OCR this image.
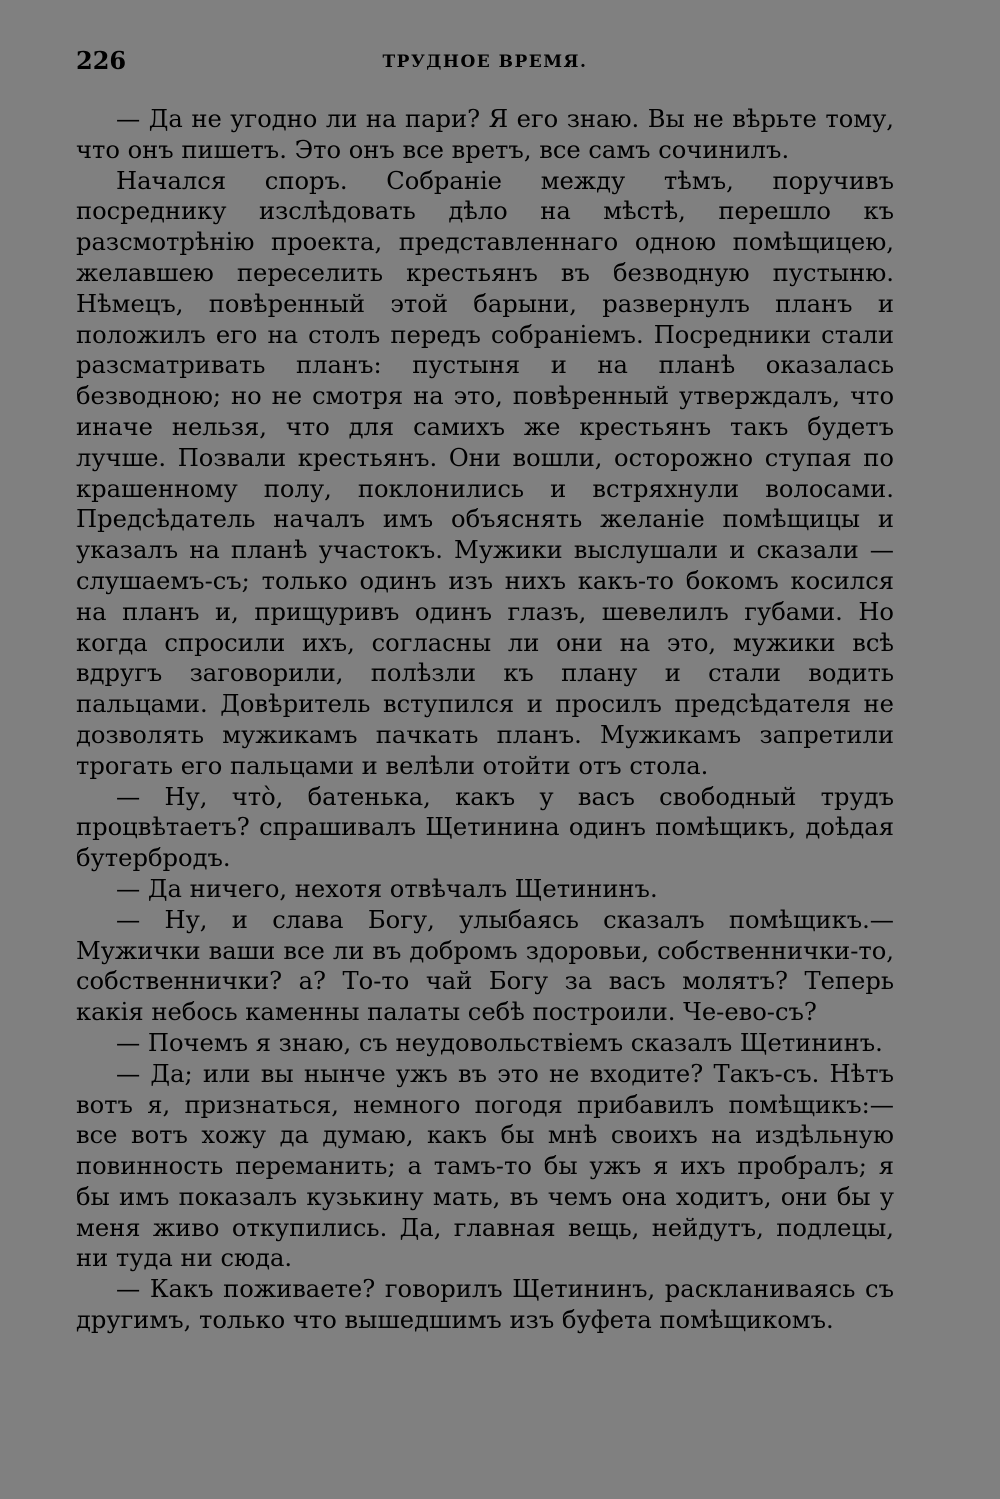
226	ТРУДНОЕ ВРЕМЯ.

— Да не угодно ли на пари? Я его знаю. Вы не вѣрьте тому, что онъ пишетъ. Это онъ все вретъ, все самъ сочинилъ.

Начался споръ. Собраніе между тѣмъ, поручивъ посреднику изслѣдовать дѣло на мѣстѣ, перешло къ разсмотрѣнію проекта, представленнаго одною помѣщицею, желавшею переселить крестьянъ въ безводную пустыню. Нѣмецъ, повѣренный этой барыни, развернулъ планъ и положилъ его на столъ передъ собраніемъ. Посредники стали разсматривать планъ: пустыня и на планѣ оказалась безводною; но не смотря на это, повѣренный утверждалъ, что иначе нельзя, что для самихъ же крестьянъ такъ будетъ лучше. Позвали крестьянъ. Они вошли, осторожно ступая по крашенному полу, поклонились и встряхнули волосами. Предсѣдатель началъ имъ объяснять желаніе помѣщицы и указалъ на планѣ участокъ. Мужики выслушали и сказали — слушаемъ-съ; только одинъ изъ нихъ какъ-то бокомъ косился на планъ и, прищуривъ одинъ глазъ, шевелилъ губами. Но когда спросили ихъ, согласны ли они на это, мужики всѣ вдругъ заговорили, полѣзли къ плану и стали водить пальцами. Довѣритель вступился и просилъ предсѣдателя не дозволять мужикамъ пачкать планъ. Мужикамъ запретили трогать его пальцами и велѣли отойти отъ стола.

— Ну, что̀, батенька, какъ у васъ свободный трудъ процвѣтаетъ? спрашивалъ Щетинина одинъ помѣщикъ, доѣдая бутербродъ.

— Да ничего, нехотя отвѣчалъ Щетининъ.

— Ну, и слава Богу, улыбаясь сказалъ помѣщикъ.—Мужички ваши все ли въ добромъ здоровьи, собственнички-то, собственнички? а? То-то чай Богу за васъ молятъ? Теперь какія небось каменны палаты себѣ построили. Че-ево-съ?

— Почемъ я знаю, съ неудовольствіемъ сказалъ Щетининъ.

— Да; или вы нынче ужъ въ это не входите? Такъ-съ. Нѣтъ вотъ я, признаться, немного погодя прибавилъ помѣщикъ:—все вотъ хожу да думаю, какъ бы мнѣ своихъ на издѣльную повинность переманить; а тамъ-то бы ужъ я ихъ пробралъ; я бы имъ показалъ кузькину мать, въ чемъ она ходитъ, они бы у меня живо откупились. Да, главная вещь, нейдутъ, подлецы, ни туда ни сюда.

— Какъ поживаете? говорилъ Щетининъ, раскланиваясь съ другимъ, только что вышедшимъ изъ буфета помѣщикомъ.
